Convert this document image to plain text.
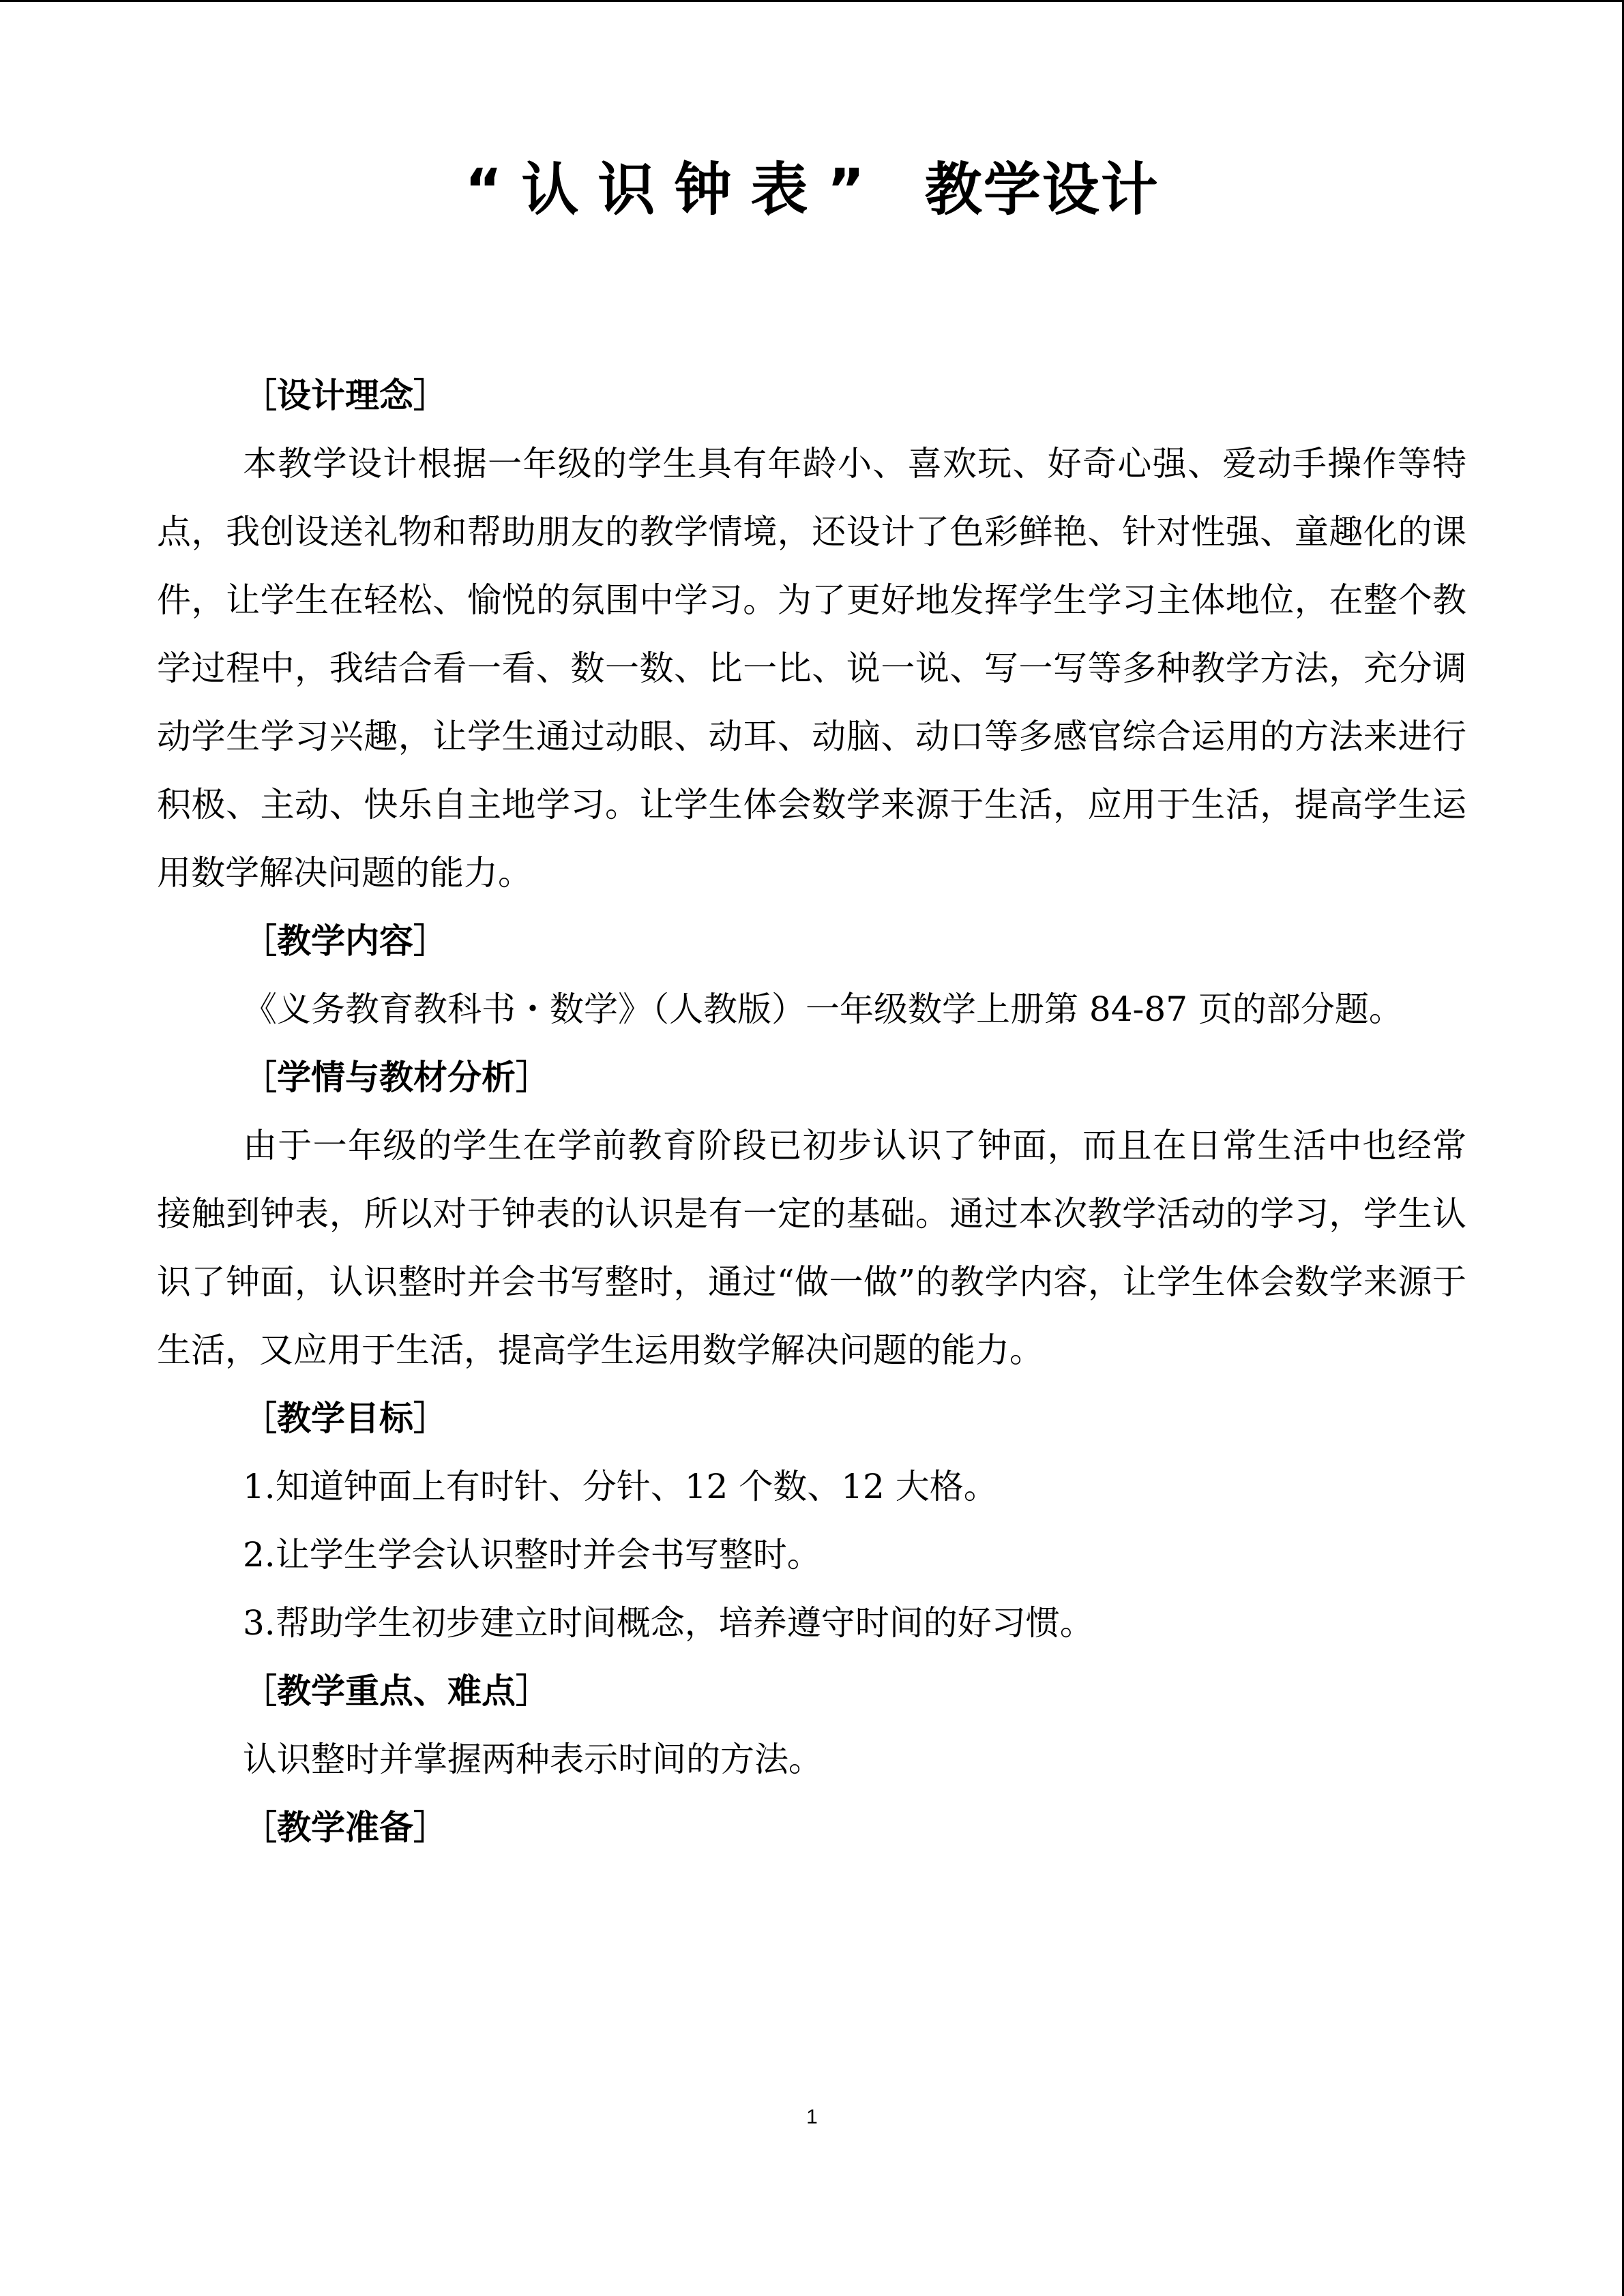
“认识钟表” 教学设计
［设计理念］

本教学设计根据一年级的学生具有年龄小、喜欢玩、好奇心强、爱动手操作等特点，我创设送礼物和帮助朋友的教学情境，还设计了色彩鲜艳、针对性强、童趣化的课件，让学生在轻松、愉悦的氛围中学习。为了更好地发挥学生学习主体地位，在整个教学过程中，我结合看一看、数一数、比一比、说一说、写一写等多种教学方法，充分调动学生学习兴趣，让学生通过动眼、动耳、动脑、动口等多感官综合运用的方法来进行积极、主动、快乐自主地学习。让学生体会数学来源于生活，应用于生活，提高学生运用数学解决问题的能力。

［教学内容］

《义务教育教科书・数学》（人教版）一年级数学上册第 84-87 页的部分题。

［学情与教材分析］

由于一年级的学生在学前教育阶段已初步认识了钟面，而且在日常生活中也经常接触到钟表，所以对于钟表的认识是有一定的基础。通过本次教学活动的学习，学生认识了钟面，认识整时并会书写整时，通过“做一做”的教学内容，让学生体会数学来源于生活，又应用于生活，提高学生运用数学解决问题的能力。

［教学目标］
1.知道钟面上有时针、分针、12 个数、12 大格。
2.让学生学会认识整时并会书写整时。
3.帮助学生初步建立时间概念，培养遵守时间的好习惯。
［教学重点、难点］
认识整时并掌握两种表示时间的方法。
［教学准备］
1
